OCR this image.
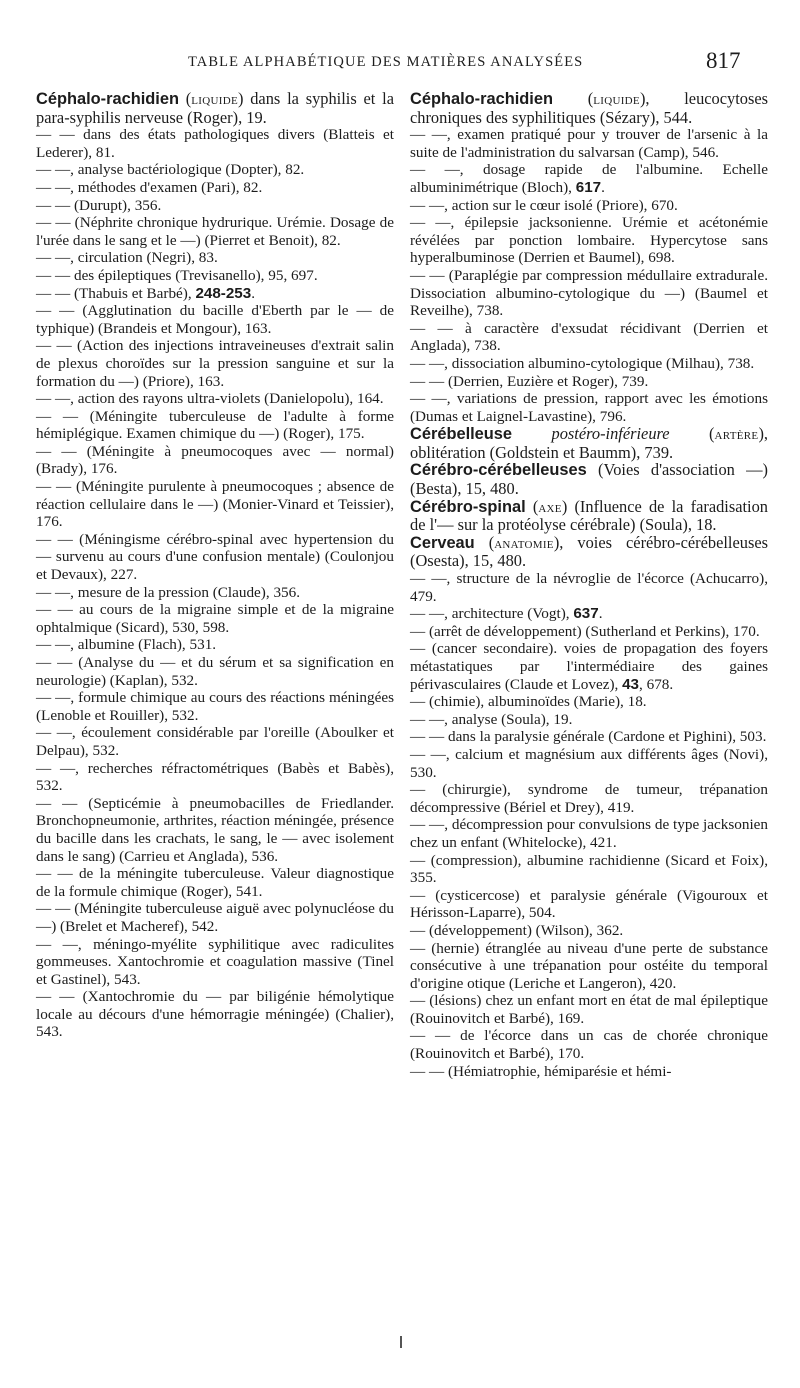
TABLE ALPHABÉTIQUE DES MATIÈRES ANALYSÉES	817

Céphalo-rachidien (liquide) dans la syphilis et la para-syphilis nerveuse (Roger), 19.

— — dans des états pathologiques divers (Blatteis et Lederer), 81.

— —, analyse bactériologique (Dopter), 82.

— —, méthodes d'examen (Pari), 82.

— — (Durupt), 356.

— — (Néphrite chronique hydrurique. Urémie. Dosage de l'urée dans le sang et le —) (Pierret et Benoit), 82.

— —, circulation (Negri), 83.

— — des épileptiques (Trevisanello), 95, 697.

— — (Thabuis et Barbé), 248-253.

— — (Agglutination du bacille d'Eberth par le — de typhique) (Brandeis et Mongour), 163.

— — (Action des injections intraveineuses d'extrait salin de plexus choroïdes sur la pression sanguine et sur la formation du —) (Priore), 163.

— —, action des rayons ultra-violets (Danielopolu), 164.

— — (Méningite tuberculeuse de l'adulte à forme hémiplégique. Examen chimique du —) (Roger), 175.

— — (Méningite à pneumocoques avec — normal) (Brady), 176.

— — (Méningite purulente à pneumocoques ; absence de réaction cellulaire dans le —) (Monier-Vinard et Teissier), 176.

— — (Méningisme cérébro-spinal avec hypertension du — survenu au cours d'une confusion mentale) (Coulonjou et Devaux), 227.

— —, mesure de la pression (Claude), 356.

— — au cours de la migraine simple et de la migraine ophtalmique (Sicard), 530, 598.

— —, albumine (Flach), 531.

— — (Analyse du — et du sérum et sa signification en neurologie) (Kaplan), 532.

— —, formule chimique au cours des réactions méningées (Lenoble et Rouiller), 532.

— —, écoulement considérable par l'oreille (Aboulker et Delpau), 532.

— —, recherches réfractométriques (Babès et Babès), 532.

— — (Septicémie à pneumobacilles de Friedlander. Bronchopneumonie, arthrites, réaction méningée, présence du bacille dans les crachats, le sang, le — avec isolement dans le sang) (Carrieu et Anglada), 536.

— — de la méningite tuberculeuse. Valeur diagnostique de la formule chimique (Roger), 541.

— — (Méningite tuberculeuse aiguë avec polynucléose du —) (Brelet et Macheref), 542.

— —, méningo-myélite syphilitique avec radiculites gommeuses. Xantochromie et coagulation massive (Tinel et Gastinel), 543.

— — (Xantochromie du — par biligénie hémolytique locale au décours d'une hémorragie méningée) (Chalier), 543.

Céphalo-rachidien (liquide), leucocytoses chroniques des syphilitiques (Sézary), 544.

— —, examen pratiqué pour y trouver de l'arsenic à la suite de l'administration du salvarsan (Camp), 546.

— —, dosage rapide de l'albumine. Echelle albuminimétrique (Bloch), 617.

— —, action sur le cœur isolé (Priore), 670.

— —, épilepsie jacksonienne. Urémie et acétonémie révélées par ponction lombaire. Hypercytose sans hyperalbuminose (Derrien et Baumel), 698.

— — (Paraplégie par compression médullaire extradurale. Dissociation albumino-cytologique du —) (Baumel et Reveilhe), 738.

— — à caractère d'exsudat récidivant (Derrien et Anglada), 738.

— —, dissociation albumino-cytologique (Milhau), 738.

— — (Derrien, Euzière et Roger), 739.

— —, variations de pression, rapport avec les émotions (Dumas et Laignel-Lavastine), 796.

Cérébelleuse postéro-inférieure (artère), oblitération (Goldstein et Baumm), 739.

Cérébro-cérébelleuses (Voies d'association —) (Besta), 15, 480.

Cérébro-spinal (axe) (Influence de la faradisation de l'— sur la protéolyse cérébrale) (Soula), 18.

Cerveau (anatomie), voies cérébro-cérébelleuses (Osesta), 15, 480.

— —, structure de la névroglie de l'écorce (Achucarro), 479.

— —, architecture (Vogt), 637.

— (arrêt de développement) (Sutherland et Perkins), 170.

— (cancer secondaire). voies de propagation des foyers métastatiques par l'intermédiaire des gaines périvasculaires (Claude et Lovez), 43, 678.

— (chimie), albuminoïdes (Marie), 18.

— —, analyse (Soula), 19.

— — dans la paralysie générale (Cardone et Pighini), 503.

— —, calcium et magnésium aux différents âges (Novi), 530.

— (chirurgie), syndrome de tumeur, trépanation décompressive (Bériel et Drey), 419.

— —, décompression pour convulsions de type jacksonien chez un enfant (Whitelocke), 421.

— (compression), albumine rachidienne (Sicard et Foix), 355.

— (cysticercose) et paralysie générale (Vigouroux et Hérisson-Laparre), 504.

— (développement) (Wilson), 362.

— (hernie) étranglée au niveau d'une perte de substance consécutive à une trépanation pour ostéite du temporal d'origine otique (Leriche et Langeron), 420.

— (lésions) chez un enfant mort en état de mal épileptique (Rouinovitch et Barbé), 169.

— — de l'écorce dans un cas de chorée chronique (Rouinovitch et Barbé), 170.

— — (Hémiatrophie, hémiparésie et hémi-
